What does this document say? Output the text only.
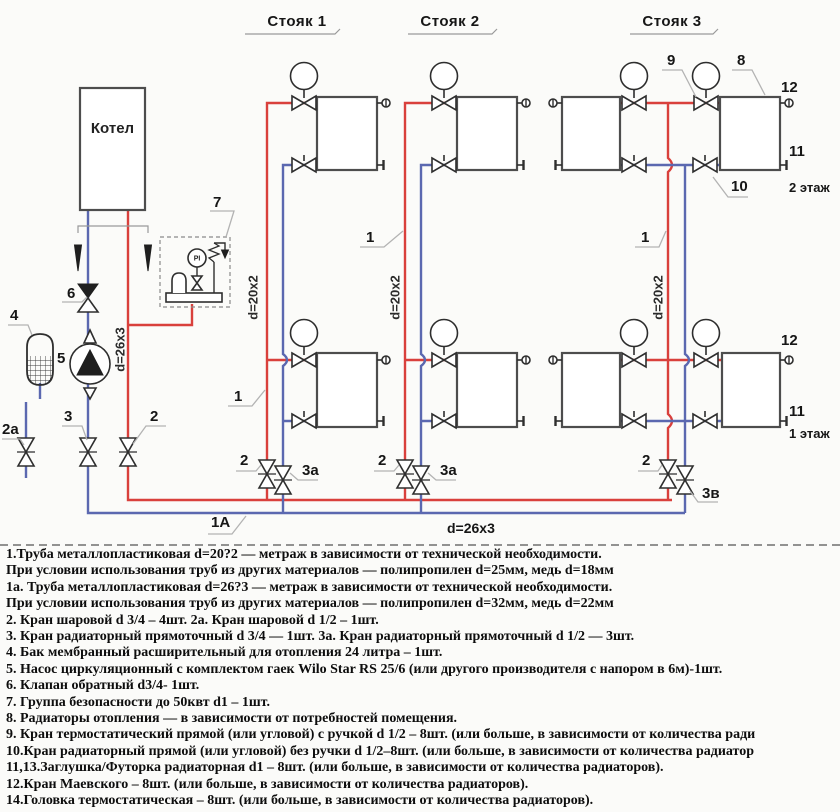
PI
Стояк 1	Стояк 2	Стояк 3
Котел
d=26х3
d=20х2	d=20х2	d=20х2
d=26х3
7
6
4
5
2а
3	2
1
1	1
9	8
12
11
10	2 этаж
12
11
1 этаж
2
3а
2
3а
2
3в
1А
1.Труба металлопластиковая d=20?2 — метраж в зависимости от технической необходимости.
При условии использования труб из других материалов — полипропилен d=25мм, медь d=18мм
1а. Труба металлопластиковая d=26?3 — метраж в зависимости от технической необходимости.
При условии использования труб из других материалов — полипропилен d=32мм, медь d=22мм
2. Кран шаровой d 3/4 – 4шт. 2а. Кран шаровой d 1/2 – 1шт.
3. Кран радиаторный прямоточный d 3/4 — 1шт. 3а. Кран радиаторный прямоточный d 1/2 — 3шт.
4. Бак мембранный расширительный для отопления 24 литра – 1шт.
5. Насос циркуляционный с комплектом гаек Wilo Star RS 25/6 (или другого производителя с напором в 6м)-1шт.
6. Клапан обратный d3/4- 1шт.
7. Группа безопасности до 50квт d1 – 1шт.
8. Радиаторы отопления — в зависимости от потребностей помещения.
9. Кран термостатический прямой (или угловой) с ручкой d 1/2 – 8шт. (или больше, в зависимости от количества ради
10.Кран радиаторный прямой (или угловой) без ручки d 1/2–8шт. (или больше, в зависимости от количества радиатор
11,13.Заглушка/Футорка радиаторная d1 – 8шт. (или больше, в зависимости от количества радиаторов).
12.Кран Маевского – 8шт. (или больше, в зависимости от количества радиаторов).
14.Головка термостатическая – 8шт. (или больше, в зависимости от количества радиаторов).
